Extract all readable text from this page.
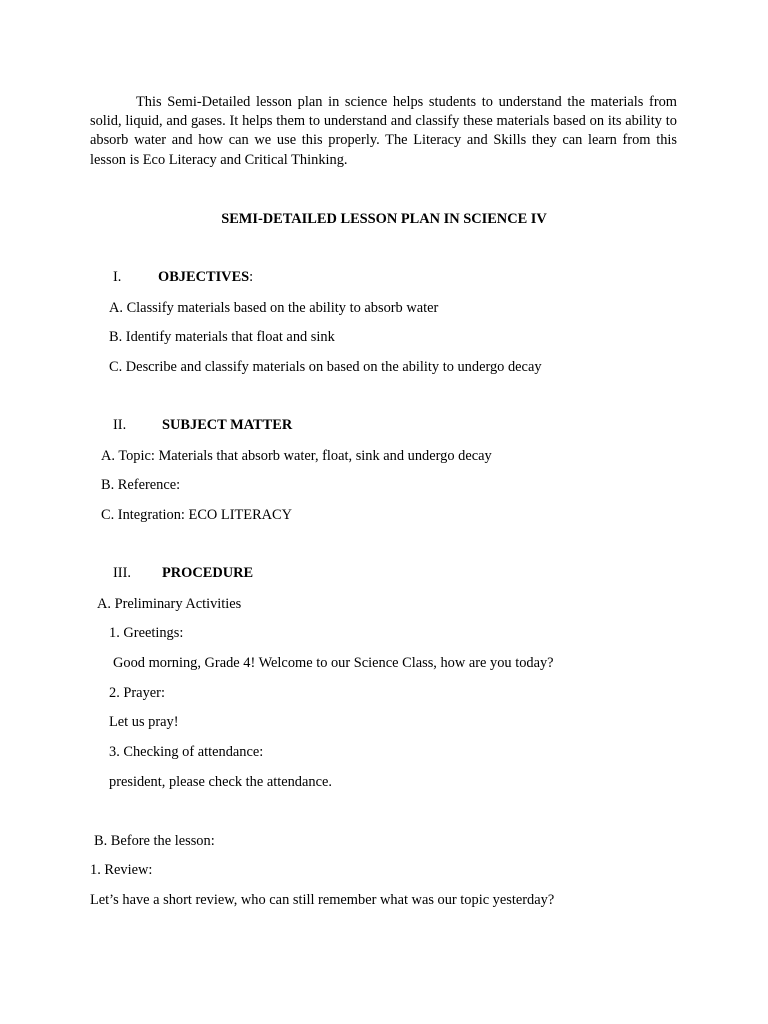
This Semi-Detailed lesson plan in science helps students to understand the materials from solid, liquid, and gases. It helps them to understand and classify these materials based on its ability to absorb water and how can we use this properly. The Literacy and Skills they can learn from this lesson is Eco Literacy and Critical Thinking.

SEMI-DETAILED LESSON PLAN IN SCIENCE IV
I.	OBJECTIVES:
A. Classify materials based on the ability to absorb water
B. Identify materials that float and sink
C. Describe and classify materials on based on the ability to undergo decay
II. SUBJECT MATTER
A. Topic: Materials that absorb water, float, sink and undergo decay
B. Reference:
C. Integration: ECO LITERACY
III. PROCEDURE
A. Preliminary Activities
1. Greetings:
Good morning, Grade 4! Welcome to our Science Class, how are you today?
2. Prayer:
Let us pray!
3. Checking of attendance:
president, please check the attendance.
B. Before the lesson:
1. Review:
Let’s have a short review, who can still remember what was our topic yesterday?
